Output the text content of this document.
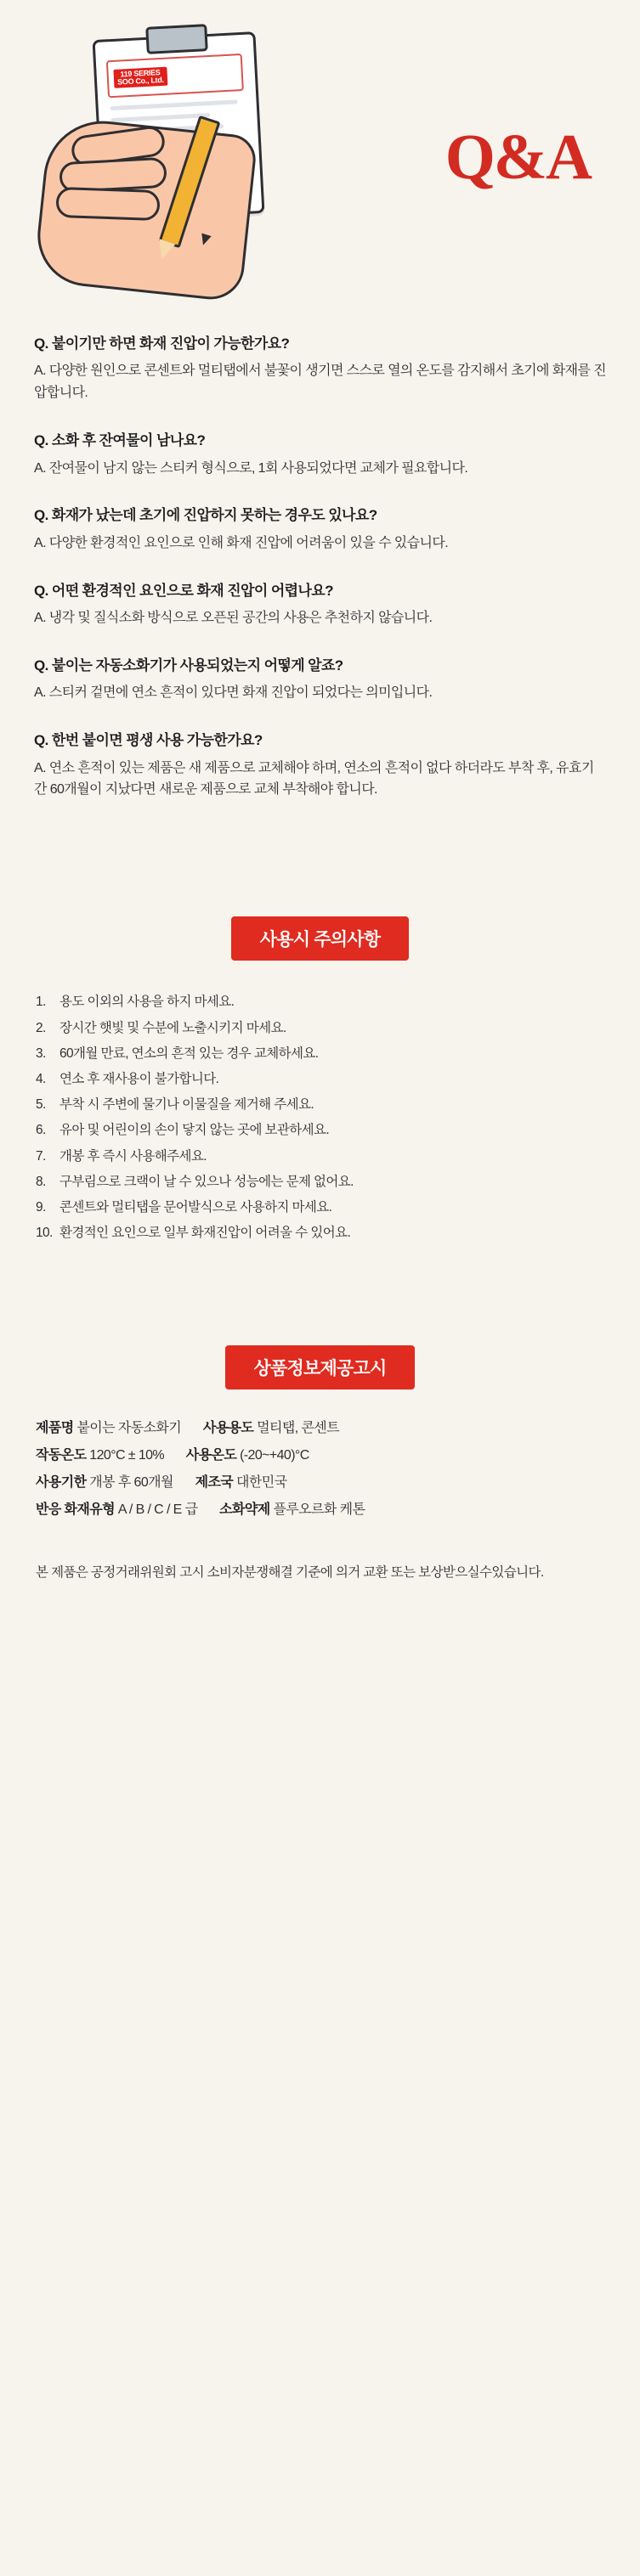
119 SERIES
SOO Co., Ltd.
Q&A

Q. 붙이기만 하면 화재 진압이 가능한가요?

A. 다양한 원인으로 콘센트와 멀티탭에서 불꽃이 생기면 스스로 열의 온도를 감지해서 초기에 화재를 진압합니다.

Q. 소화 후 잔여물이 남나요?

A. 잔여물이 남지 않는 스티커 형식으로, 1회 사용되었다면 교체가 필요합니다.

Q. 화재가 났는데 초기에 진압하지 못하는 경우도 있나요?

A. 다양한 환경적인 요인으로 인해 화재 진압에 어려움이 있을 수 있습니다.

Q. 어떤 환경적인 요인으로 화재 진압이 어렵나요?

A. 냉각 및 질식소화 방식으로 오픈된 공간의 사용은 추천하지 않습니다.

Q. 붙이는 자동소화기가 사용되었는지 어떻게 알죠?

A. 스티커 겉면에 연소 흔적이 있다면 화재 진압이 되었다는 의미입니다.

Q. 한번 붙이면 평생 사용 가능한가요?

A. 연소 흔적이 있는 제품은 새 제품으로 교체해야 하며, 연소의 흔적이 없다 하더라도 부착 후, 유효기간 60개월이 지났다면 새로운 제품으로 교체 부착해야 합니다.

사용시 주의사항
1.	용도 이외의 사용을 하지 마세요.
2.	장시간 햇빛 및 수분에 노출시키지 마세요.
3.	60개월 만료, 연소의 흔적 있는 경우 교체하세요.
4.	연소 후 재사용이 불가합니다.
5.	부착 시 주변에 물기나 이물질을 제거해 주세요.
6.	유아 및 어린이의 손이 닿지 않는 곳에 보관하세요.
7.	개봉 후 즉시 사용해주세요.
8.	구부림으로 크랙이 날 수 있으나 성능에는 문제 없어요.
9.	콘센트와 멀티탭을 문어발식으로 사용하지 마세요.
10. 환경적인 요인으로 일부 화재진압이 어려울 수 있어요.
상품정보제공고시
제품명 붙이는 자동소화기 사용용도 멀티탭, 콘센트
작동온도 120°C ± 10% 사용온도 (-20~+40)°C
사용기한 개봉 후 60개월 제조국 대한민국
반응 화재유형 A / B / C / E 급 소화약제 플루오르화 케톤
본 제품은 공정거래위원회 고시 소비자분쟁해결 기준에 의거 교환 또는 보상받으실수있습니다.
